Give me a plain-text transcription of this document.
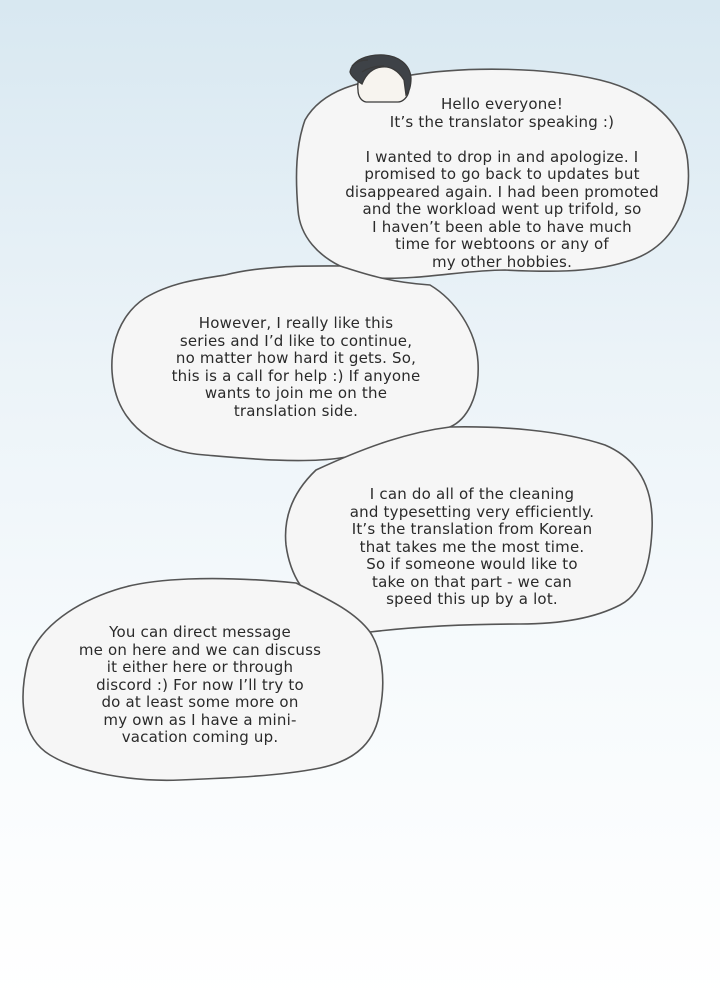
Hello everyone!
It’s the translator speaking :)

I wanted to drop in and apologize. I
promised to go back to updates but
disappeared again. I had been promoted
and the workload went up trifold, so
I haven’t been able to have much
time for webtoons or any of
my other hobbies.

However, I really like this
series and I’d like to continue,
no matter how hard it gets. So,
this is a call for help :) If anyone
wants to join me on the
translation side.

I can do all of the cleaning
and typesetting very efficiently.
It’s the translation from Korean
that takes me the most time.
So if someone would like to
take on that part - we can
speed this up by a lot.

You can direct message
me on here and we can discuss
it either here or through
discord :) For now I’ll try to
do at least some more on
my own as I have a mini-
vacation coming up.
